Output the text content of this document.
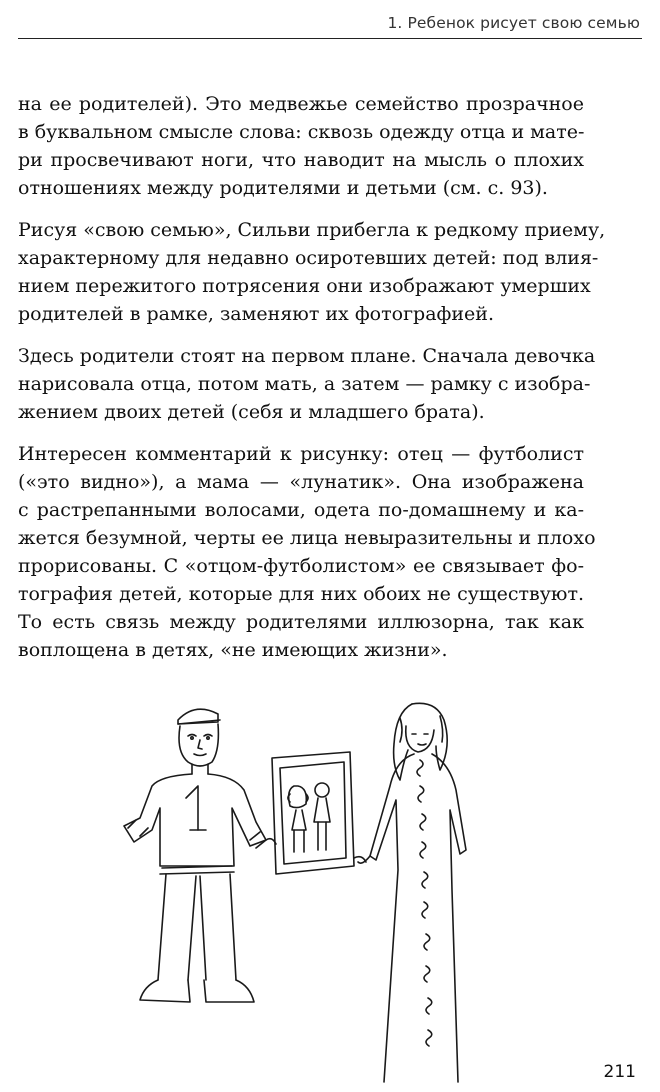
1. Ребенок рисует свою семью

на ее родителей). Это медвежье семейство прозрачное
в буквальном смысле слова: сквозь одежду отца и мате-
ри просвечивают ноги, что наводит на мысль о плохих
отношениях между родителями и детьми (см. с. 93).

Рисуя «свою семью», Сильви прибегла к редкому приему,
характерному для недавно осиротевших детей: под влия-
нием пережитого потрясения они изображают умерших
родителей в рамке, заменяют их фотографией.

Здесь родители стоят на первом плане. Сначала девочка
нарисовала отца, потом мать, а затем — рамку с изобра-
жением двоих детей (себя и младшего брата).

Интересен комментарий к рисунку: отец — футболист
(«это видно»), а мама — «лунатик». Она изображена
с растрепанными волосами, одета по-домашнему и ка-
жется безумной, черты ее лица невыразительны и плохо
прорисованы. С «отцом-футболистом» ее связывает фо-
тография детей, которые для них обоих не существуют.
То есть связь между родителями иллюзорна, так как
воплощена в детях, «не имеющих жизни».

211
